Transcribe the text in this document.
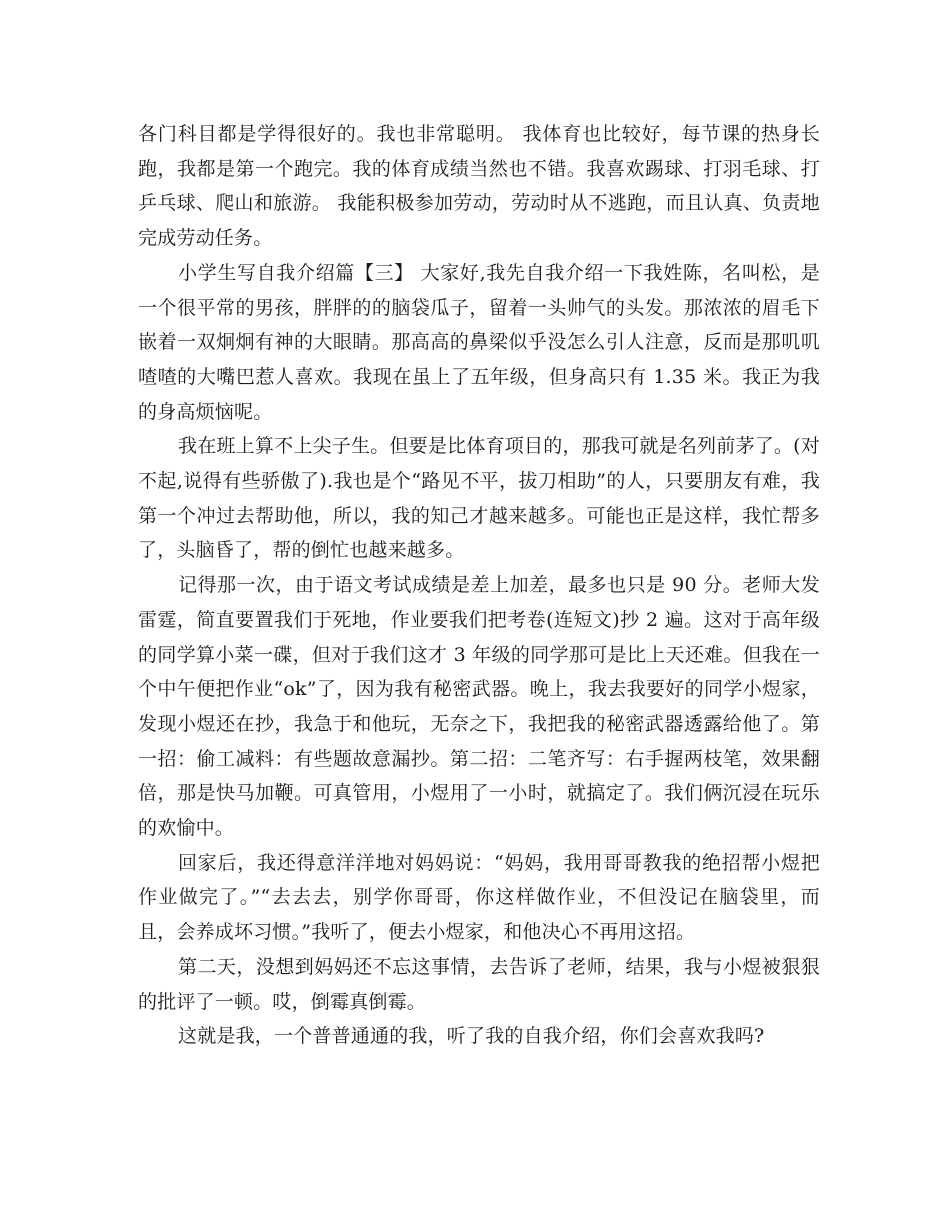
各门科目都是学得很好的。我也非常聪明。 我体育也比较好，每节课的热身长跑，我都是第一个跑完。我的体育成绩当然也不错。我喜欢踢球、打羽毛球、打乒乓球、爬山和旅游。 我能积极参加劳动，劳动时从不逃跑，而且认真、负责地完成劳动任务。

小学生写自我介绍篇【三】 大家好,我先自我介绍一下我姓陈，名叫松，是一个很平常的男孩，胖胖的的脑袋瓜子，留着一头帅气的头发。那浓浓的眉毛下嵌着一双炯炯有神的大眼睛。那高高的鼻梁似乎没怎么引人注意，反而是那叽叽喳喳的大嘴巴惹人喜欢。我现在虽上了五年级，但身高只有 1.35 米。我正为我的身高烦恼呢。

我在班上算不上尖子生。但要是比体育项目的，那我可就是名列前茅了。(对不起,说得有些骄傲了).我也是个“路见不平，拔刀相助”的人，只要朋友有难，我第一个冲过去帮助他，所以，我的知己才越来越多。可能也正是这样，我忙帮多了，头脑昏了，帮的倒忙也越来越多。

记得那一次，由于语文考试成绩是差上加差，最多也只是 90 分。老师大发雷霆，简直要置我们于死地，作业要我们把考卷(连短文)抄 2 遍。这对于高年级的同学算小菜一碟，但对于我们这才 3 年级的同学那可是比上天还难。但我在一个中午便把作业“ok”了，因为我有秘密武器。晚上，我去我要好的同学小煜家，发现小煜还在抄，我急于和他玩，无奈之下，我把我的秘密武器透露给他了。第一招：偷工减料：有些题故意漏抄。第二招：二笔齐写：右手握两枝笔，效果翻倍，那是快马加鞭。可真管用，小煜用了一小时，就搞定了。我们俩沉浸在玩乐的欢愉中。

回家后，我还得意洋洋地对妈妈说：“妈妈，我用哥哥教我的绝招帮小煜把作业做完了。”“去去去，别学你哥哥，你这样做作业，不但没记在脑袋里，而且，会养成坏习惯。”我听了，便去小煜家，和他决心不再用这招。

第二天，没想到妈妈还不忘这事情，去告诉了老师，结果，我与小煜被狠狠的批评了一顿。哎，倒霉真倒霉。

这就是我，一个普普通通的我，听了我的自我介绍，你们会喜欢我吗?
